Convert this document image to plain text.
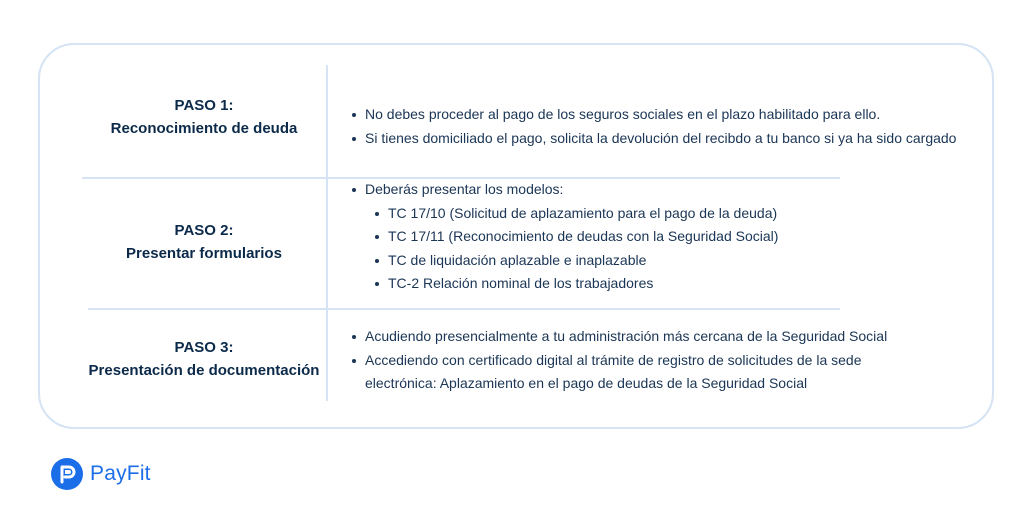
PASO 1:
Reconocimiento de deuda
No debes proceder al pago de los seguros sociales en el plazo habilitado para ello.
Si tienes domiciliado el pago, solicita la devolución del recibdo a tu banco si ya ha sido cargado
PASO 2:
Presentar formularios
Deberás presentar los modelos:
TC 17/10 (Solicitud de aplazamiento para el pago de la deuda)
TC 17/11 (Reconocimiento de deudas con la Seguridad Social)
TC de liquidación aplazable e inaplazable
TC-2 Relación nominal de los trabajadores
PASO 3:
Presentación de documentación
Acudiendo presencialmente a tu administración más cercana de la Seguridad Social
Accediendo con certificado digital al trámite de registro de solicitudes de la sede
electrónica: Aplazamiento en el pago de deudas de la Seguridad Social
PayFit
